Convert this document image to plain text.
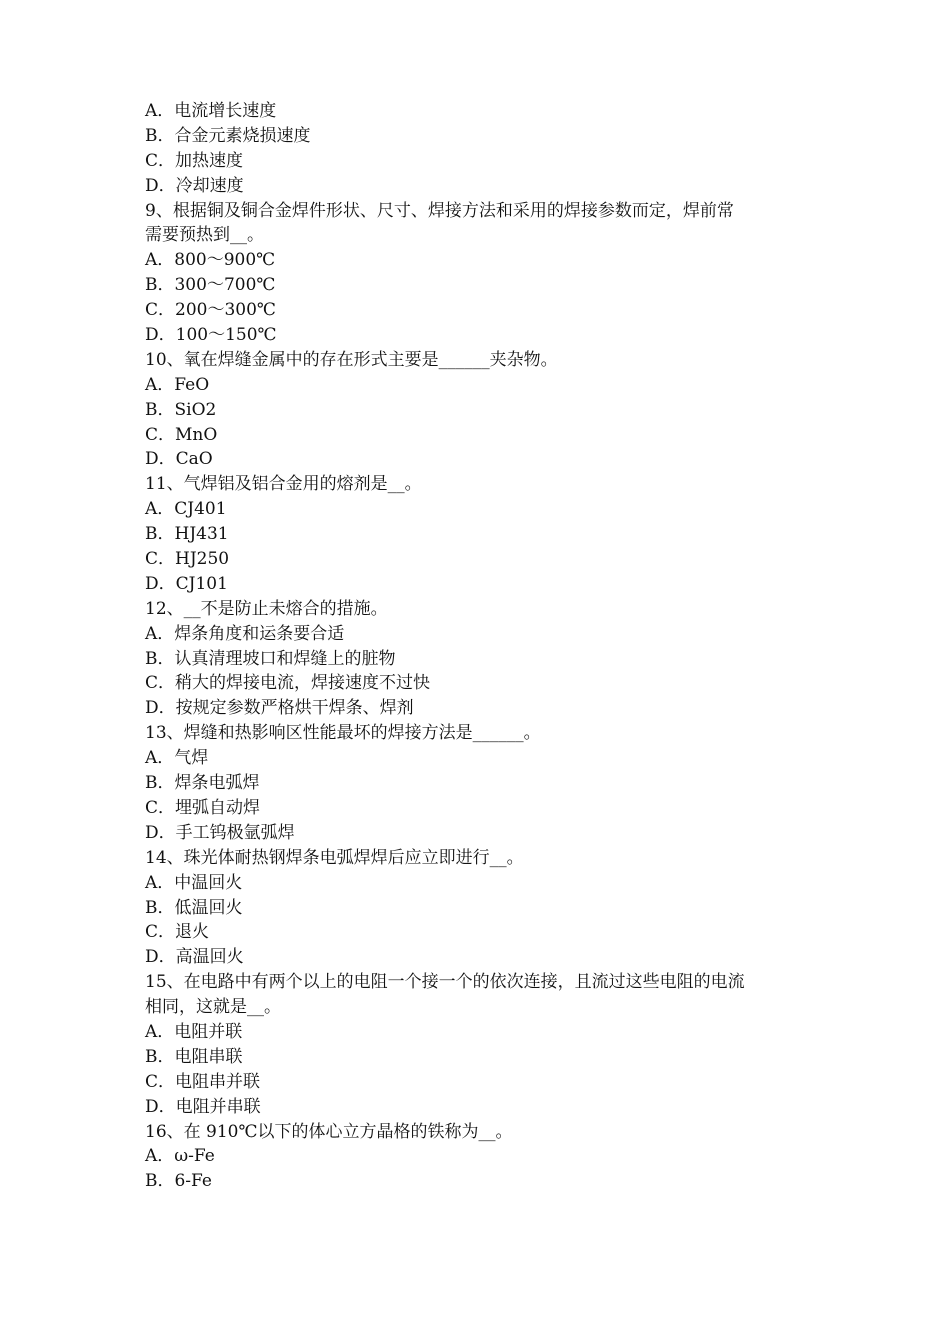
A．电流增长速度
B．合金元素烧损速度
C．加热速度
D．冷却速度
9、根据铜及铜合金焊件形状、尺寸、焊接方法和采用的焊接参数而定，焊前常
需要预热到__。
A．800～900℃
B．300～700℃
C．200～300℃
D．100～150℃
10、氧在焊缝金属中的存在形式主要是______夹杂物。
A．FeO
B．SiO2
C．MnO
D．CaO
11、气焊铝及铝合金用的熔剂是__。
A．CJ401
B．HJ431
C．HJ250
D．CJ101
12、__不是防止未熔合的措施。
A．焊条角度和运条要合适
B．认真清理坡口和焊缝上的脏物
C．稍大的焊接电流，焊接速度不过快
D．按规定参数严格烘干焊条、焊剂
13、焊缝和热影响区性能最坏的焊接方法是______。
A．气焊
B．焊条电弧焊
C．埋弧自动焊
D．手工钨极氩弧焊
14、珠光体耐热钢焊条电弧焊焊后应立即进行__。
A．中温回火
B．低温回火
C．退火
D．高温回火
15、在电路中有两个以上的电阻一个接一个的依次连接，且流过这些电阻的电流
相同，这就是__。
A．电阻并联
B．电阻串联
C．电阻串并联
D．电阻并串联
16、在 910℃以下的体心立方晶格的铁称为__。
A．ω-Fe
B．6-Fe
